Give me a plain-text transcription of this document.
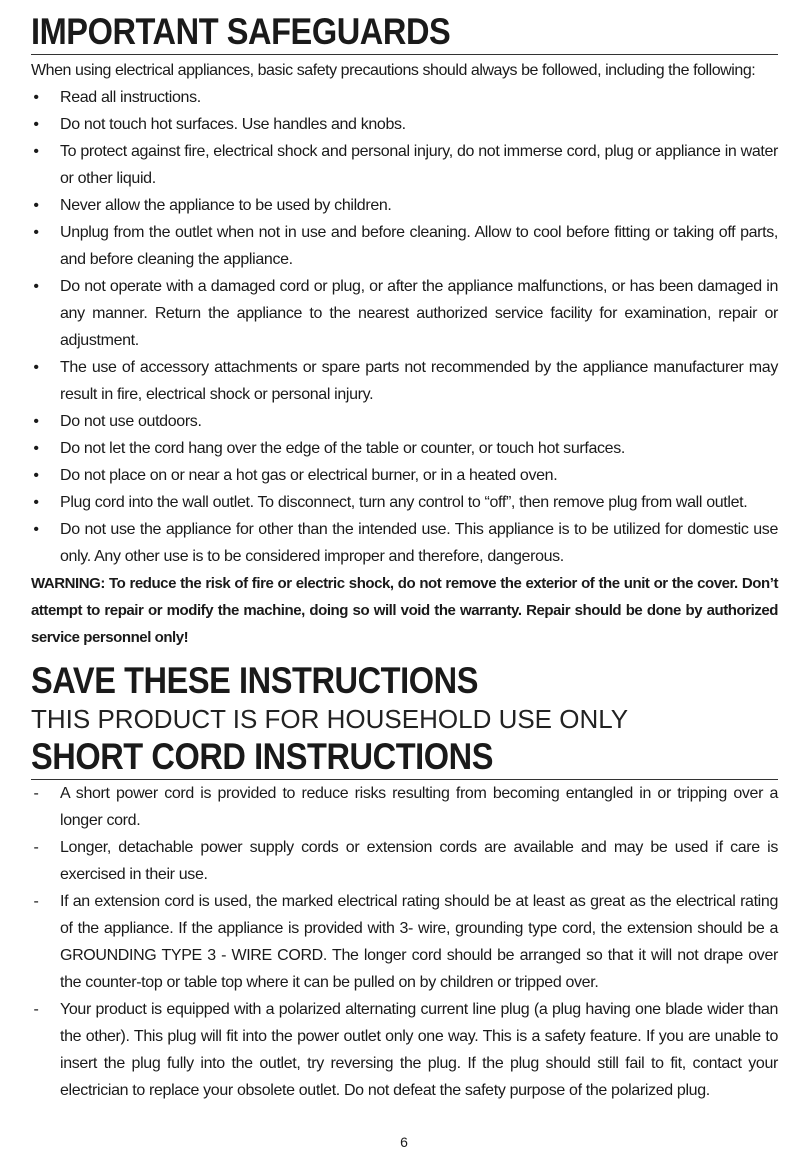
IMPORTANT SAFEGUARDS

When using electrical appliances, basic safety precautions should always be followed, including the following:

• Read all instructions.
• Do not touch hot surfaces. Use handles and knobs.
• To protect against fire, electrical shock and personal injury, do not immerse cord, plug or appliance in water or other liquid.
• Never allow the appliance to be used by children.
• Unplug from the outlet when not in use and before cleaning. Allow to cool before fitting or taking off parts, and before cleaning the appliance.
• Do not operate with a damaged cord or plug, or after the appliance malfunctions, or has been damaged in any manner. Return the appliance to the nearest authorized service facility for examination, repair or adjustment.
• The use of accessory attachments or spare parts not recommended by the appliance manufacturer may result in fire, electrical shock or personal injury.
• Do not use outdoors.
• Do not let the cord hang over the edge of the table or counter, or touch hot surfaces.
• Do not place on or near a hot gas or electrical burner, or in a heated oven.
• Plug cord into the wall outlet. To disconnect, turn any control to “off”, then remove plug from wall outlet.
• Do not use the appliance for other than the intended use. This appliance is to be utilized for domestic use only. Any other use is to be considered improper and therefore, dangerous.

WARNING: To reduce the risk of fire or electric shock, do not remove the exterior of the unit or the cover. Don’t attempt to repair or modify the machine, doing so will void the warranty. Repair should be done by authorized service personnel only!

SAVE THESE INSTRUCTIONS
THIS PRODUCT IS FOR HOUSEHOLD USE ONLY
SHORT CORD INSTRUCTIONS
- A short power cord is provided to reduce risks resulting from becoming entangled in or tripping over a longer cord.
- Longer, detachable power supply cords or extension cords are available and may be used if care is exercised in their use.
- If an extension cord is used, the marked electrical rating should be at least as great as the electrical rating of the appliance. If the appliance is provided with 3- wire, grounding type cord, the extension should be a GROUNDING TYPE 3 - WIRE CORD. The longer cord should be arranged so that it will not drape over the counter-top or table top where it can be pulled on by children or tripped over.
- Your product is equipped with a polarized alternating current line plug (a plug having one blade wider than the other). This plug will fit into the power outlet only one way. This is a safety feature. If you are unable to insert the plug fully into the outlet, try reversing the plug. If the plug should still fail to fit, contact your electrician to replace your obsolete outlet. Do not defeat the safety purpose of the polarized plug.
6
